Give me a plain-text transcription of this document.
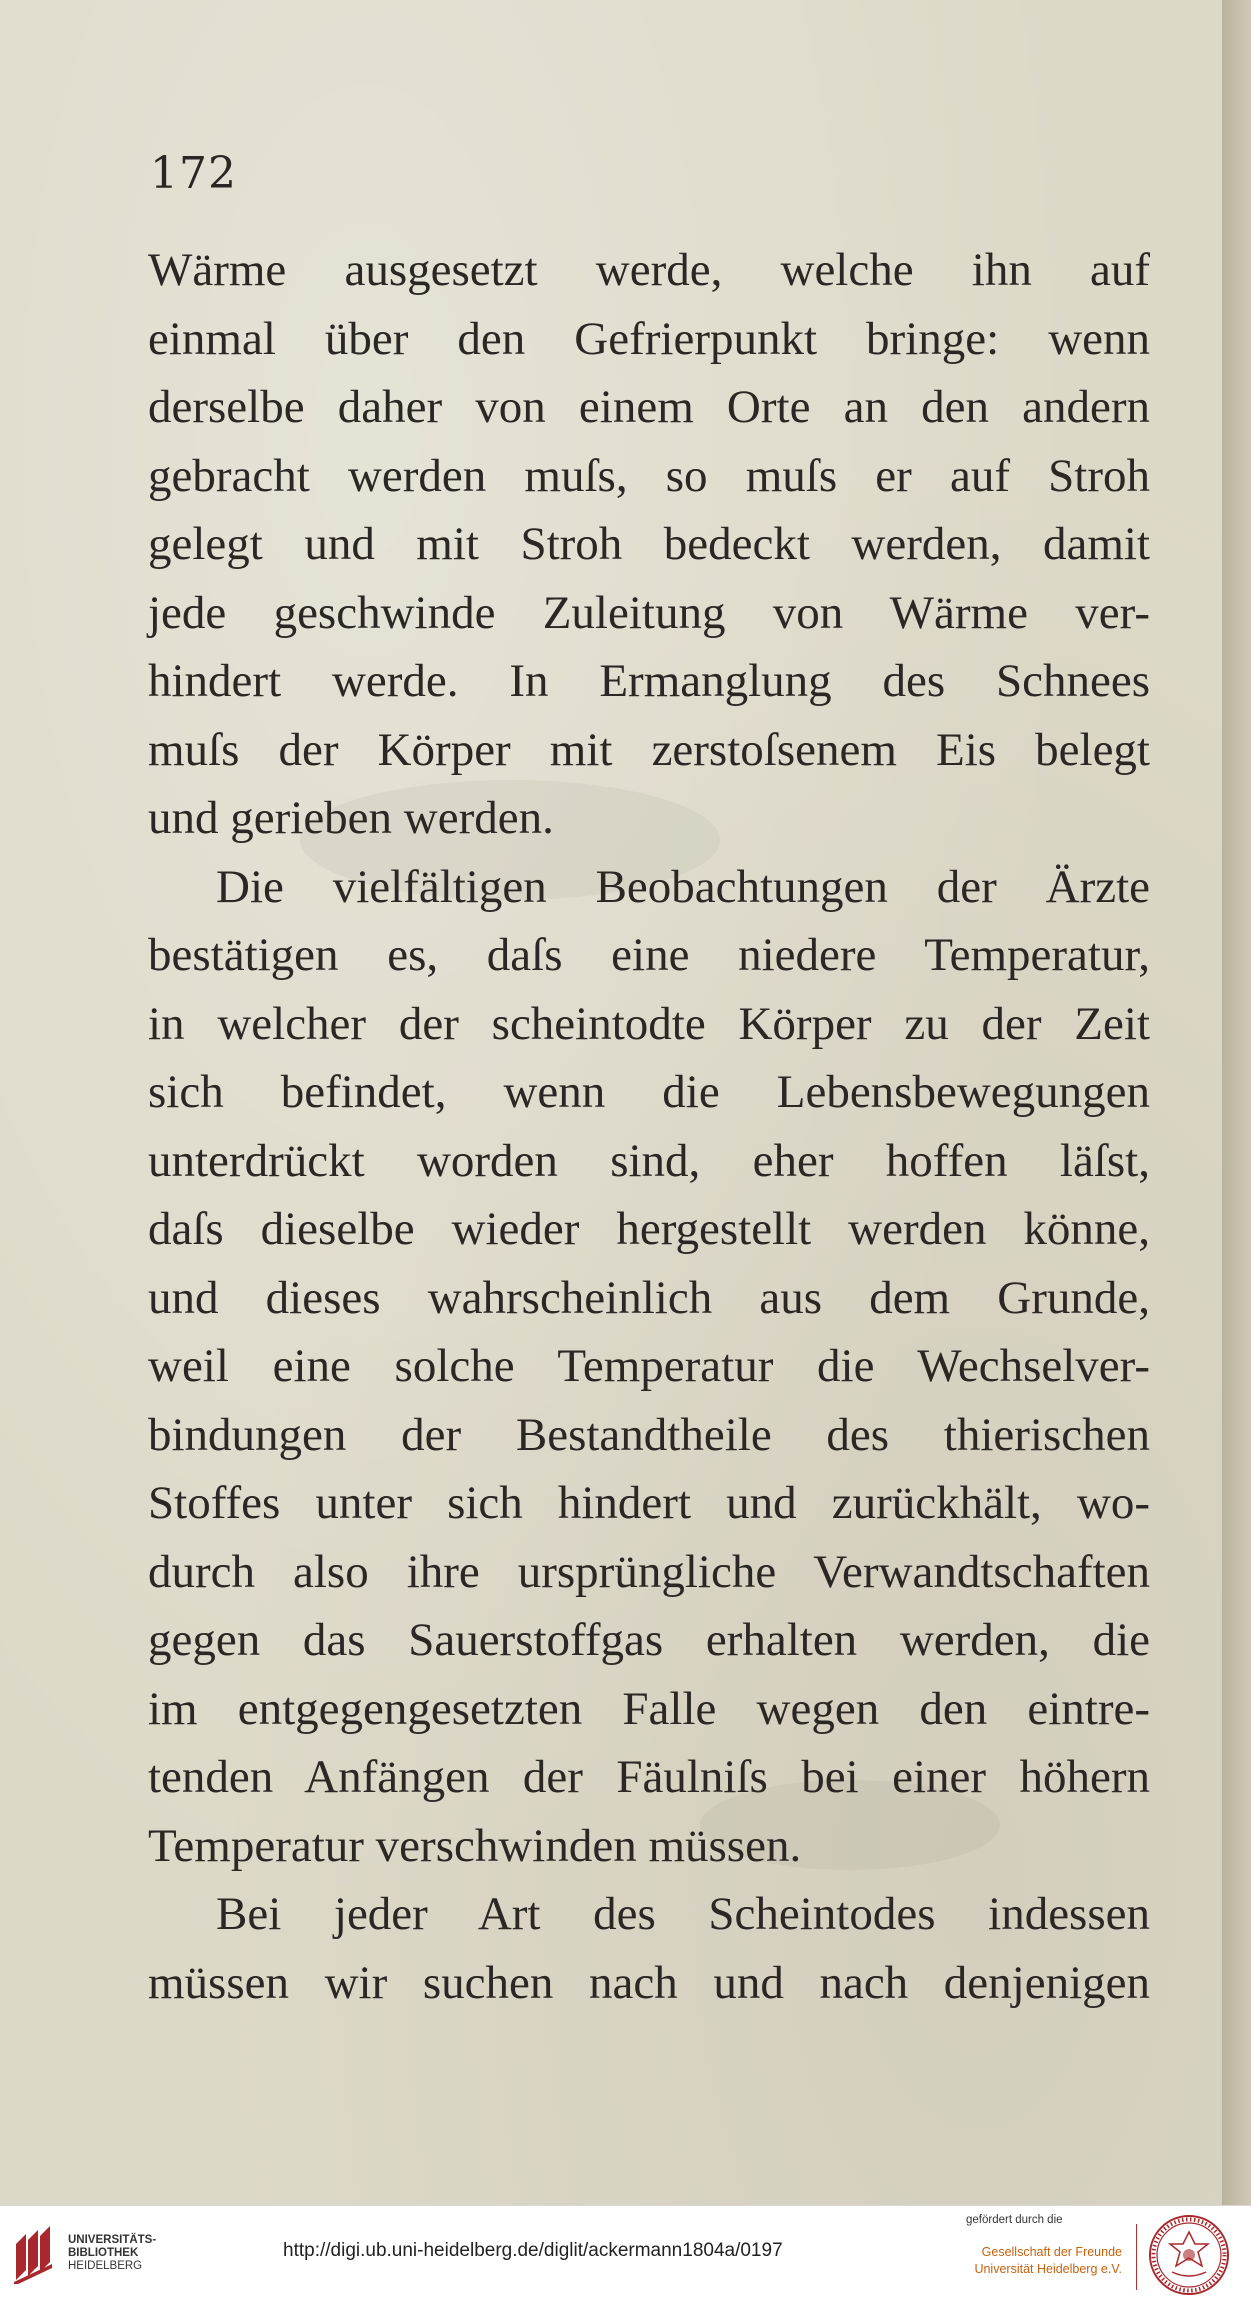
172
Wärme ausgesetzt werde, welche ihn auf
einmal über den Gefrierpunkt bringe: wenn
derselbe daher von einem Orte an den andern
gebracht werden muſs, so muſs er auf Stroh
gelegt und mit Stroh bedeckt werden, damit
jede geschwinde Zuleitung von Wärme ver-
hindert werde. In Ermanglung des Schnees
muſs der Körper mit zerstoſsenem Eis belegt
und gerieben werden.
Die vielfältigen Beobachtungen der Ärzte
bestätigen es, daſs eine niedere Temperatur,
in welcher der scheintodte Körper zu der Zeit
sich befindet, wenn die Lebensbewegungen
unterdrückt worden sind, eher hoffen läſst,
daſs dieselbe wieder hergestellt werden könne,
und dieses wahrscheinlich aus dem Grunde,
weil eine solche Temperatur die Wechselver-
bindungen der Bestandtheile des thierischen
Stoffes unter sich hindert und zurückhält, wo-
durch also ihre ursprüngliche Verwandtschaften
gegen das Sauerstoffgas erhalten werden, die
im entgegengesetzten Falle wegen den eintre-
tenden Anfängen der Fäulniſs bei einer höhern
Temperatur verschwinden müssen.
Bei jeder Art des Scheintodes indessen
müssen wir suchen nach und nach denjenigen
UNIVERSITÄTS-
BIBLIOTHEK
HEIDELBERG
http://digi.ub.uni-heidelberg.de/diglit/ackermann1804a/0197
gefördert durch die
Gesellschaft der Freunde
Universität Heidelberg e.V.
